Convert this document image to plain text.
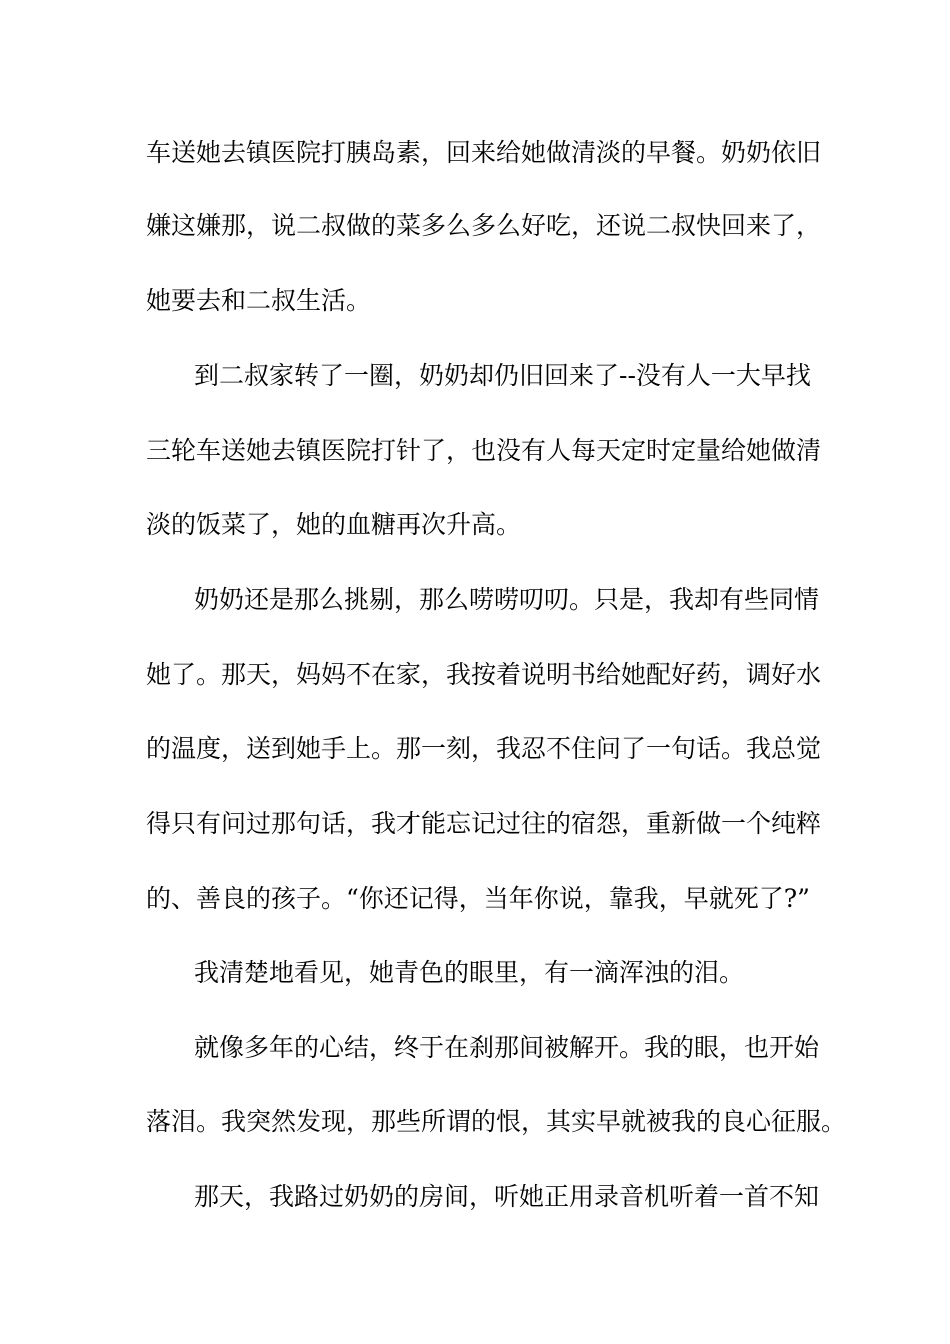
车送她去镇医院打胰岛素，回来给她做清淡的早餐。奶奶依旧
嫌这嫌那，说二叔做的菜多么多么好吃，还说二叔快回来了，
她要去和二叔生活。
到二叔家转了一圈，奶奶却仍旧回来了--没有人一大早找
三轮车送她去镇医院打针了，也没有人每天定时定量给她做清
淡的饭菜了，她的血糖再次升高。
奶奶还是那么挑剔，那么唠唠叨叨。只是，我却有些同情
她了。那天，妈妈不在家，我按着说明书给她配好药，调好水
的温度，送到她手上。那一刻，我忍不住问了一句话。我总觉
得只有问过那句话，我才能忘记过往的宿怨，重新做一个纯粹
的、善良的孩子。“你还记得，当年你说，靠我，早就死了?”
我清楚地看见，她青色的眼里，有一滴浑浊的泪。
就像多年的心结，终于在刹那间被解开。我的眼，也开始
落泪。我突然发现，那些所谓的恨，其实早就被我的良心征服。
那天，我路过奶奶的房间，听她正用录音机听着一首不知
